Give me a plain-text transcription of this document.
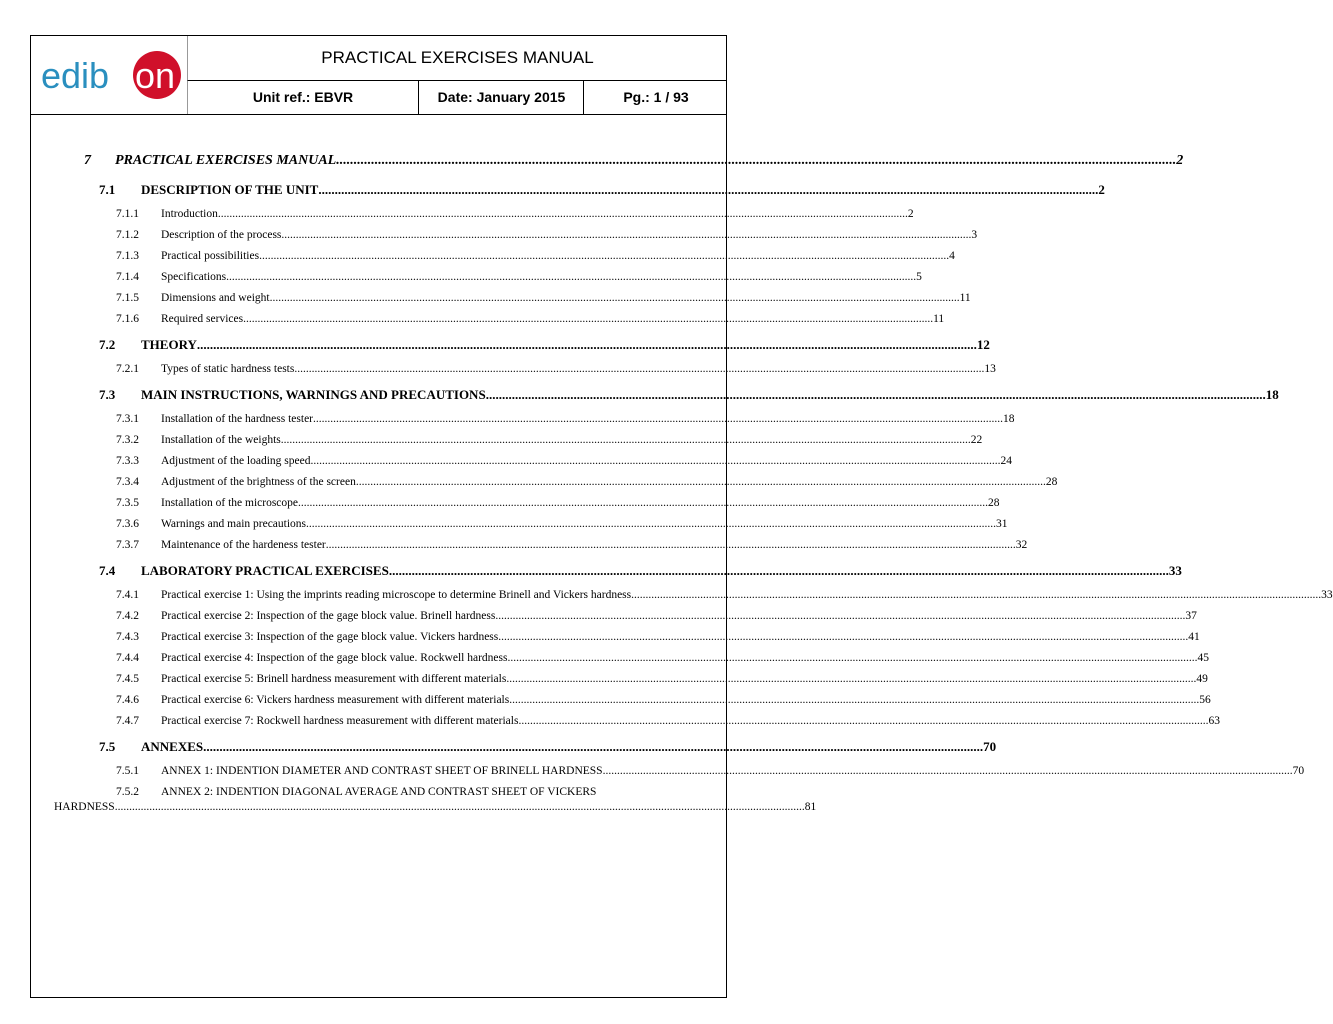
edib on	PRACTICAL EXERCISES MANUAL
Unit ref.: EBVR	Date: January 2015	Pg.: 1 / 93
7	PRACTICAL EXERCISES MANUAL .....	2
7.1	DESCRIPTION OF THE UNIT .....	2
7.1.1	Introduction .....	2
7.1.2	Description of the process .....	3
7.1.3	Practical possibilities .....	4
7.1.4	Specifications .....	5
7.1.5	Dimensions and weight .....	11
7.1.6	Required services .....	11
7.2	THEORY .....	12
7.2.1	Types of static hardness tests .....	13
7.3	MAIN INSTRUCTIONS, WARNINGS AND PRECAUTIONS .....	18
7.3.1	Installation of the hardness tester .....	18
7.3.2	Installation of the weights .....	22
7.3.3	Adjustment of the loading speed .....	24
7.3.4	Adjustment of the brightness of the screen .....	28
7.3.5	Installation of the microscope .....	28
7.3.6	Warnings and main precautions .....	31
7.3.7	Maintenance of the hardeness tester .....	32
7.4	LABORATORY PRACTICAL EXERCISES .....	33
7.4.1	Practical exercise 1: Using the imprints reading microscope to determine Brinell and Vickers hardness .....	33
7.4.2	Practical exercise 2: Inspection of the gage block value. Brinell hardness .....	37
7.4.3	Practical exercise 3: Inspection of the gage block value. Vickers hardness .....	41
7.4.4	Practical exercise 4: Inspection of the gage block value. Rockwell hardness .....	45
7.4.5	Practical exercise 5: Brinell hardness measurement with different materials .....	49
7.4.6	Practical exercise 6: Vickers hardness measurement with different materials .....	56
7.4.7	Practical exercise 7: Rockwell hardness measurement with different materials .....	63
7.5	ANNEXES .....	70
7.5.1	ANNEX 1: INDENTION DIAMETER AND CONTRAST SHEET OF BRINELL HARDNESS .....	70
7.5.2 ANNEX 2: INDENTION DIAGONAL AVERAGE AND CONTRAST SHEET OF VICKERS
HARDNESS .....	81
